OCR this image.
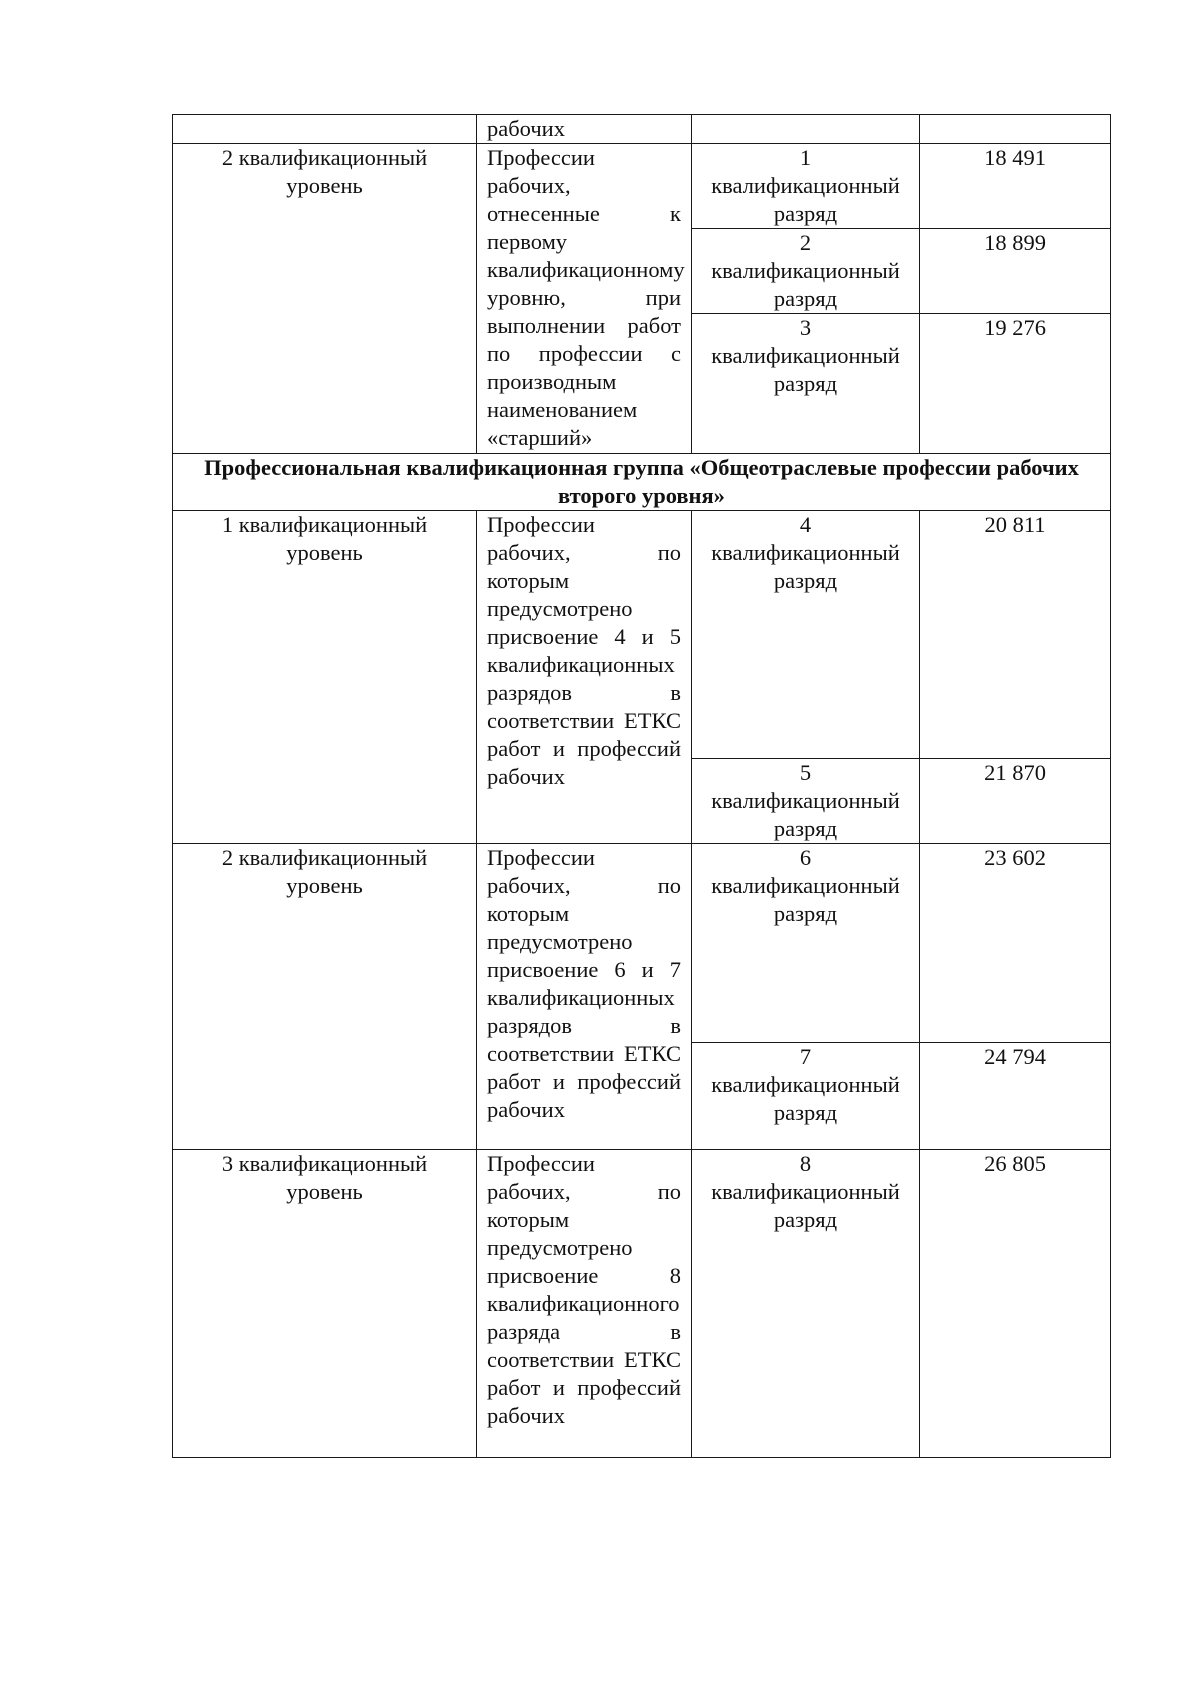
	рабочих		
2 квалификационный уровень	Профессии рабочих, отнесенные к первому квалификационному уровню, при выполнении работ по профессии с производным наименованием «старший»	1
квалификационный
разряд	18 491

		2
квалификационный
разряд	18 899

		3
квалификационный
разряд	19 276
Профессиональная квалификационная группа «Общеотраслевые профессии рабочих второго уровня»			
1 квалификационный уровень	Профессии рабочих, по которым предусмотрено присвоение 4 и 5 квалификационных разрядов в соответствии ЕТКС работ и профессий рабочих	4
квалификационный
разряд	20 811

		5
квалификационный
разряд	21 870
2 квалификационный уровень	Профессии рабочих, по которым предусмотрено присвоение 6 и 7 квалификационных разрядов в соответствии ЕТКС работ и профессий рабочих	6
квалификационный
разряд	23 602

		7
квалификационный
разряд	24 794
3 квалификационный уровень	Профессии рабочих, по которым предусмотрено присвоение 8 квалификационного разряда в соответствии ЕТКС работ и профессий рабочих	8
квалификационный
разряд	26 805
